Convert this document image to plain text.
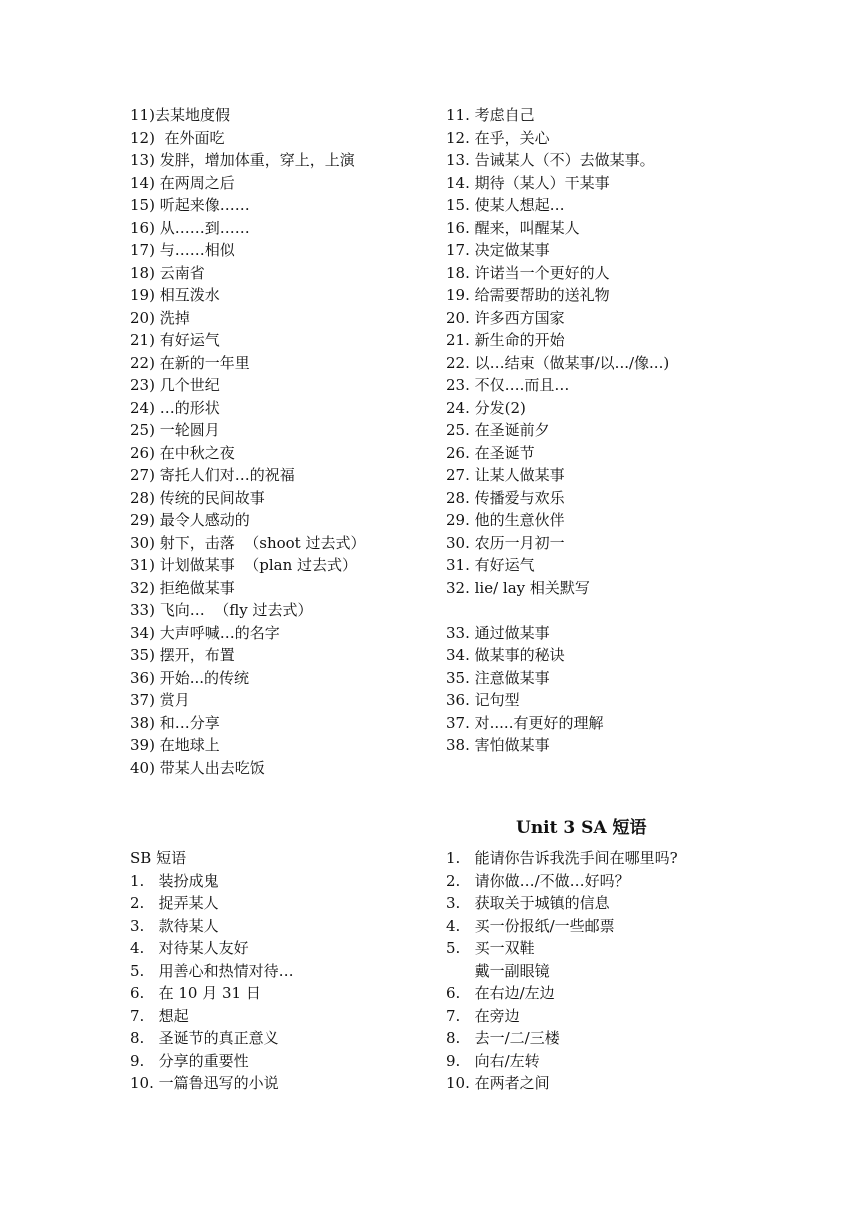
11)去某地度假
12)  在外面吃
13) 发胖，增加体重，穿上，上演
14) 在两周之后
15) 听起来像……
16) 从……到……
17) 与……相似
18) 云南省
19) 相互泼水
20) 洗掉
21) 有好运气
22) 在新的一年里
23) 几个世纪
24) …的形状
25) 一轮圆月
26) 在中秋之夜
27) 寄托人们对…的祝福
28) 传统的民间故事
29) 最令人感动的
30) 射下，击落  （shoot 过去式）
31) 计划做某事  （plan 过去式）
32) 拒绝做某事
33) 飞向…  （fly 过去式）
34) 大声呼喊…的名字
35) 摆开，布置
36) 开始...的传统
37) 赏月
38) 和…分享
39) 在地球上
40) 带某人出去吃饭
11. 考虑自己
12. 在乎，关心
13. 告诫某人（不）去做某事。
14. 期待（某人）干某事
15. 使某人想起…
16. 醒来，叫醒某人
17. 决定做某事
18. 许诺当一个更好的人
19. 给需要帮助的送礼物
20. 许多西方国家
21. 新生命的开始
22. 以…结束（做某事/以.../像...)
23. 不仅….而且…
24. 分发(2)
25. 在圣诞前夕
26. 在圣诞节
27. 让某人做某事
28. 传播爱与欢乐
29. 他的生意伙伴
30. 农历一月初一
31. 有好运气
32. lie/ lay 相关默写
33. 通过做某事
34. 做某事的秘诀
35. 注意做某事
36. 记句型
37. 对.....有更好的理解
38. 害怕做某事
Unit 3 SA 短语
SB 短语
1.   装扮成鬼
2.   捉弄某人
3.   款待某人
4.   对待某人友好
5.   用善心和热情对待…
6.   在 10 月 31 日
7.   想起
8.   圣诞节的真正意义
9.   分享的重要性
10. 一篇鲁迅写的小说
1.   能请你告诉我洗手间在哪里吗?
2.   请你做…/不做…好吗？
3.   获取关于城镇的信息
4.   买一份报纸/一些邮票
5.   买一双鞋
戴一副眼镜
6.   在右边/左边
7.   在旁边
8.   去一/二/三楼
9.   向右/左转
10. 在两者之间
